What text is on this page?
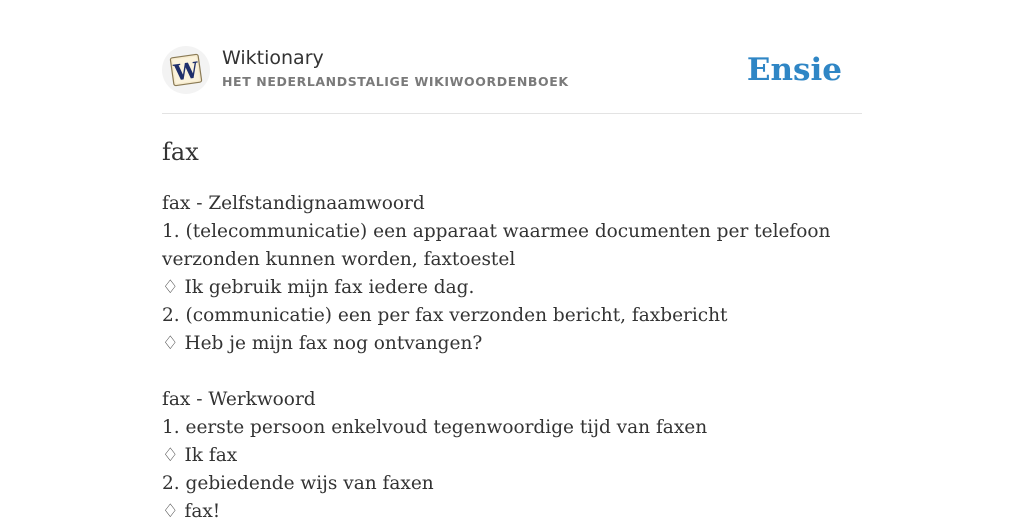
W Wiktionary
HET NEDERLANDSTALIGE WIKIWOORDENBOEK	Ensie
fax
fax - Zelfstandignaamwoord
1. (telecommunicatie) een apparaat waarmee documenten per telefoon
verzonden kunnen worden, faxtoestel
♢ Ik gebruik mijn fax iedere dag.
2. (communicatie) een per fax verzonden bericht, faxbericht
♢ Heb je mijn fax nog ontvangen?
fax - Werkwoord
1. eerste persoon enkelvoud tegenwoordige tijd van faxen
♢ Ik fax
2. gebiedende wijs van faxen
♢ fax!
